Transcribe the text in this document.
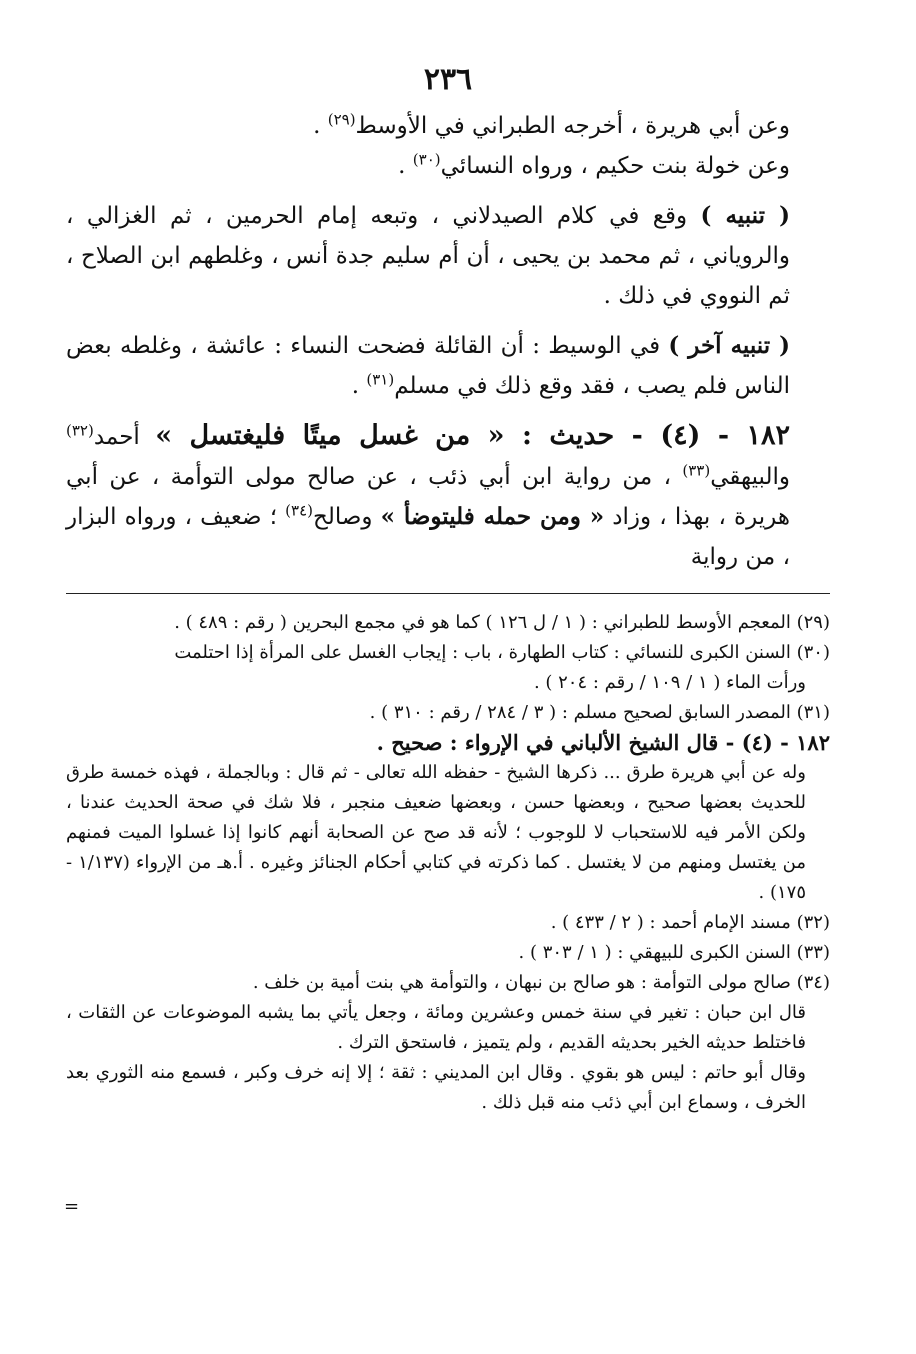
٢٣٦

وعن أبي هريرة ، أخرجه الطبراني في الأوسط$^{(٢٩)}$ .

وعن خولة بنت حكيم ، ورواه النسائي$^{(٣٠)}$ .

( تنبيه ) وقع في كلام الصيدلاني ، وتبعه إمام الحرمين ، ثم الغزالي ، والروياني ، ثم محمد بن يحيى ، أن أم سليم جدة أنس ، وغلطهم ابن الصلاح ، ثم النووي في ذلك .

( تنبيه آخر ) في الوسيط : أن القائلة فضحت النساء : عائشة ، وغلطه بعض الناس فلم يصب ، فقد وقع ذلك في مسلم$^{(٣١)}$ .

١٨٢ - (٤) - حديث : « من غسل ميتًا فليغتسل » أحمد$^{(٣٢)}$ والبيهقي$^{(٣٣)}$ ، من رواية ابن أبي ذئب ، عن صالح مولى التوأمة ، عن أبي هريرة ، بهذا ، وزاد « ومن حمله فليتوضأ » وصالح$^{(٣٤)}$ ؛ ضعيف ، ورواه البزار ، من رواية

(٢٩) المعجم الأوسط للطبراني : ( ١ / ل ١٢٦ ) كما هو في مجمع البحرين ( رقم : ٤٨٩ ) .

(٣٠) السنن الكبرى للنسائي : كتاب الطهارة ، باب : إيجاب الغسل على المرأة إذا احتلمت

ورأت الماء ( ١ / ١٠٩ / رقم : ٢٠٤ ) .

(٣١) المصدر السابق لصحيح مسلم : ( ٣ / ٢٨٤ / رقم : ٣١٠ ) .

١٨٢ - (٤) - قال الشيخ الألباني في الإرواء : صحيح .

وله عن أبي هريرة طرق ... ذكرها الشيخ - حفظه الله تعالى - ثم قال : وبالجملة ، فهذه خمسة طرق للحديث بعضها صحيح ، وبعضها حسن ، وبعضها ضعيف منجبر ، فلا شك في صحة الحديث عندنا ، ولكن الأمر فيه للاستحباب لا للوجوب ؛ لأنه قد صح عن الصحابة أنهم كانوا إذا غسلوا الميت فمنهم من يغتسل ومنهم من لا يغتسل . كما ذكرته في كتابي أحكام الجنائز وغيره . أ.هـ من الإرواء (١/١٣٧ - ١٧٥) .

(٣٢) مسند الإمام أحمد : ( ٢ / ٤٣٣ ) .

(٣٣) السنن الكبرى للبيهقي : ( ١ / ٣٠٣ ) .

(٣٤) صالح مولى التوأمة : هو صالح بن نبهان ، والتوأمة هي بنت أمية بن خلف .

قال ابن حبان : تغير في سنة خمس وعشرين ومائة ، وجعل يأتي بما يشبه الموضوعات عن الثقات ، فاختلط حديثه الخير بحديثه القديم ، ولم يتميز ، فاستحق الترك .

وقال أبو حاتم : ليس هو بقوي . وقال ابن المديني : ثقة ؛ إلا إنه خرف وكبر ، فسمع منه الثوري بعد الخرف ، وسماع ابن أبي ذئب منه قبل ذلك .

=
